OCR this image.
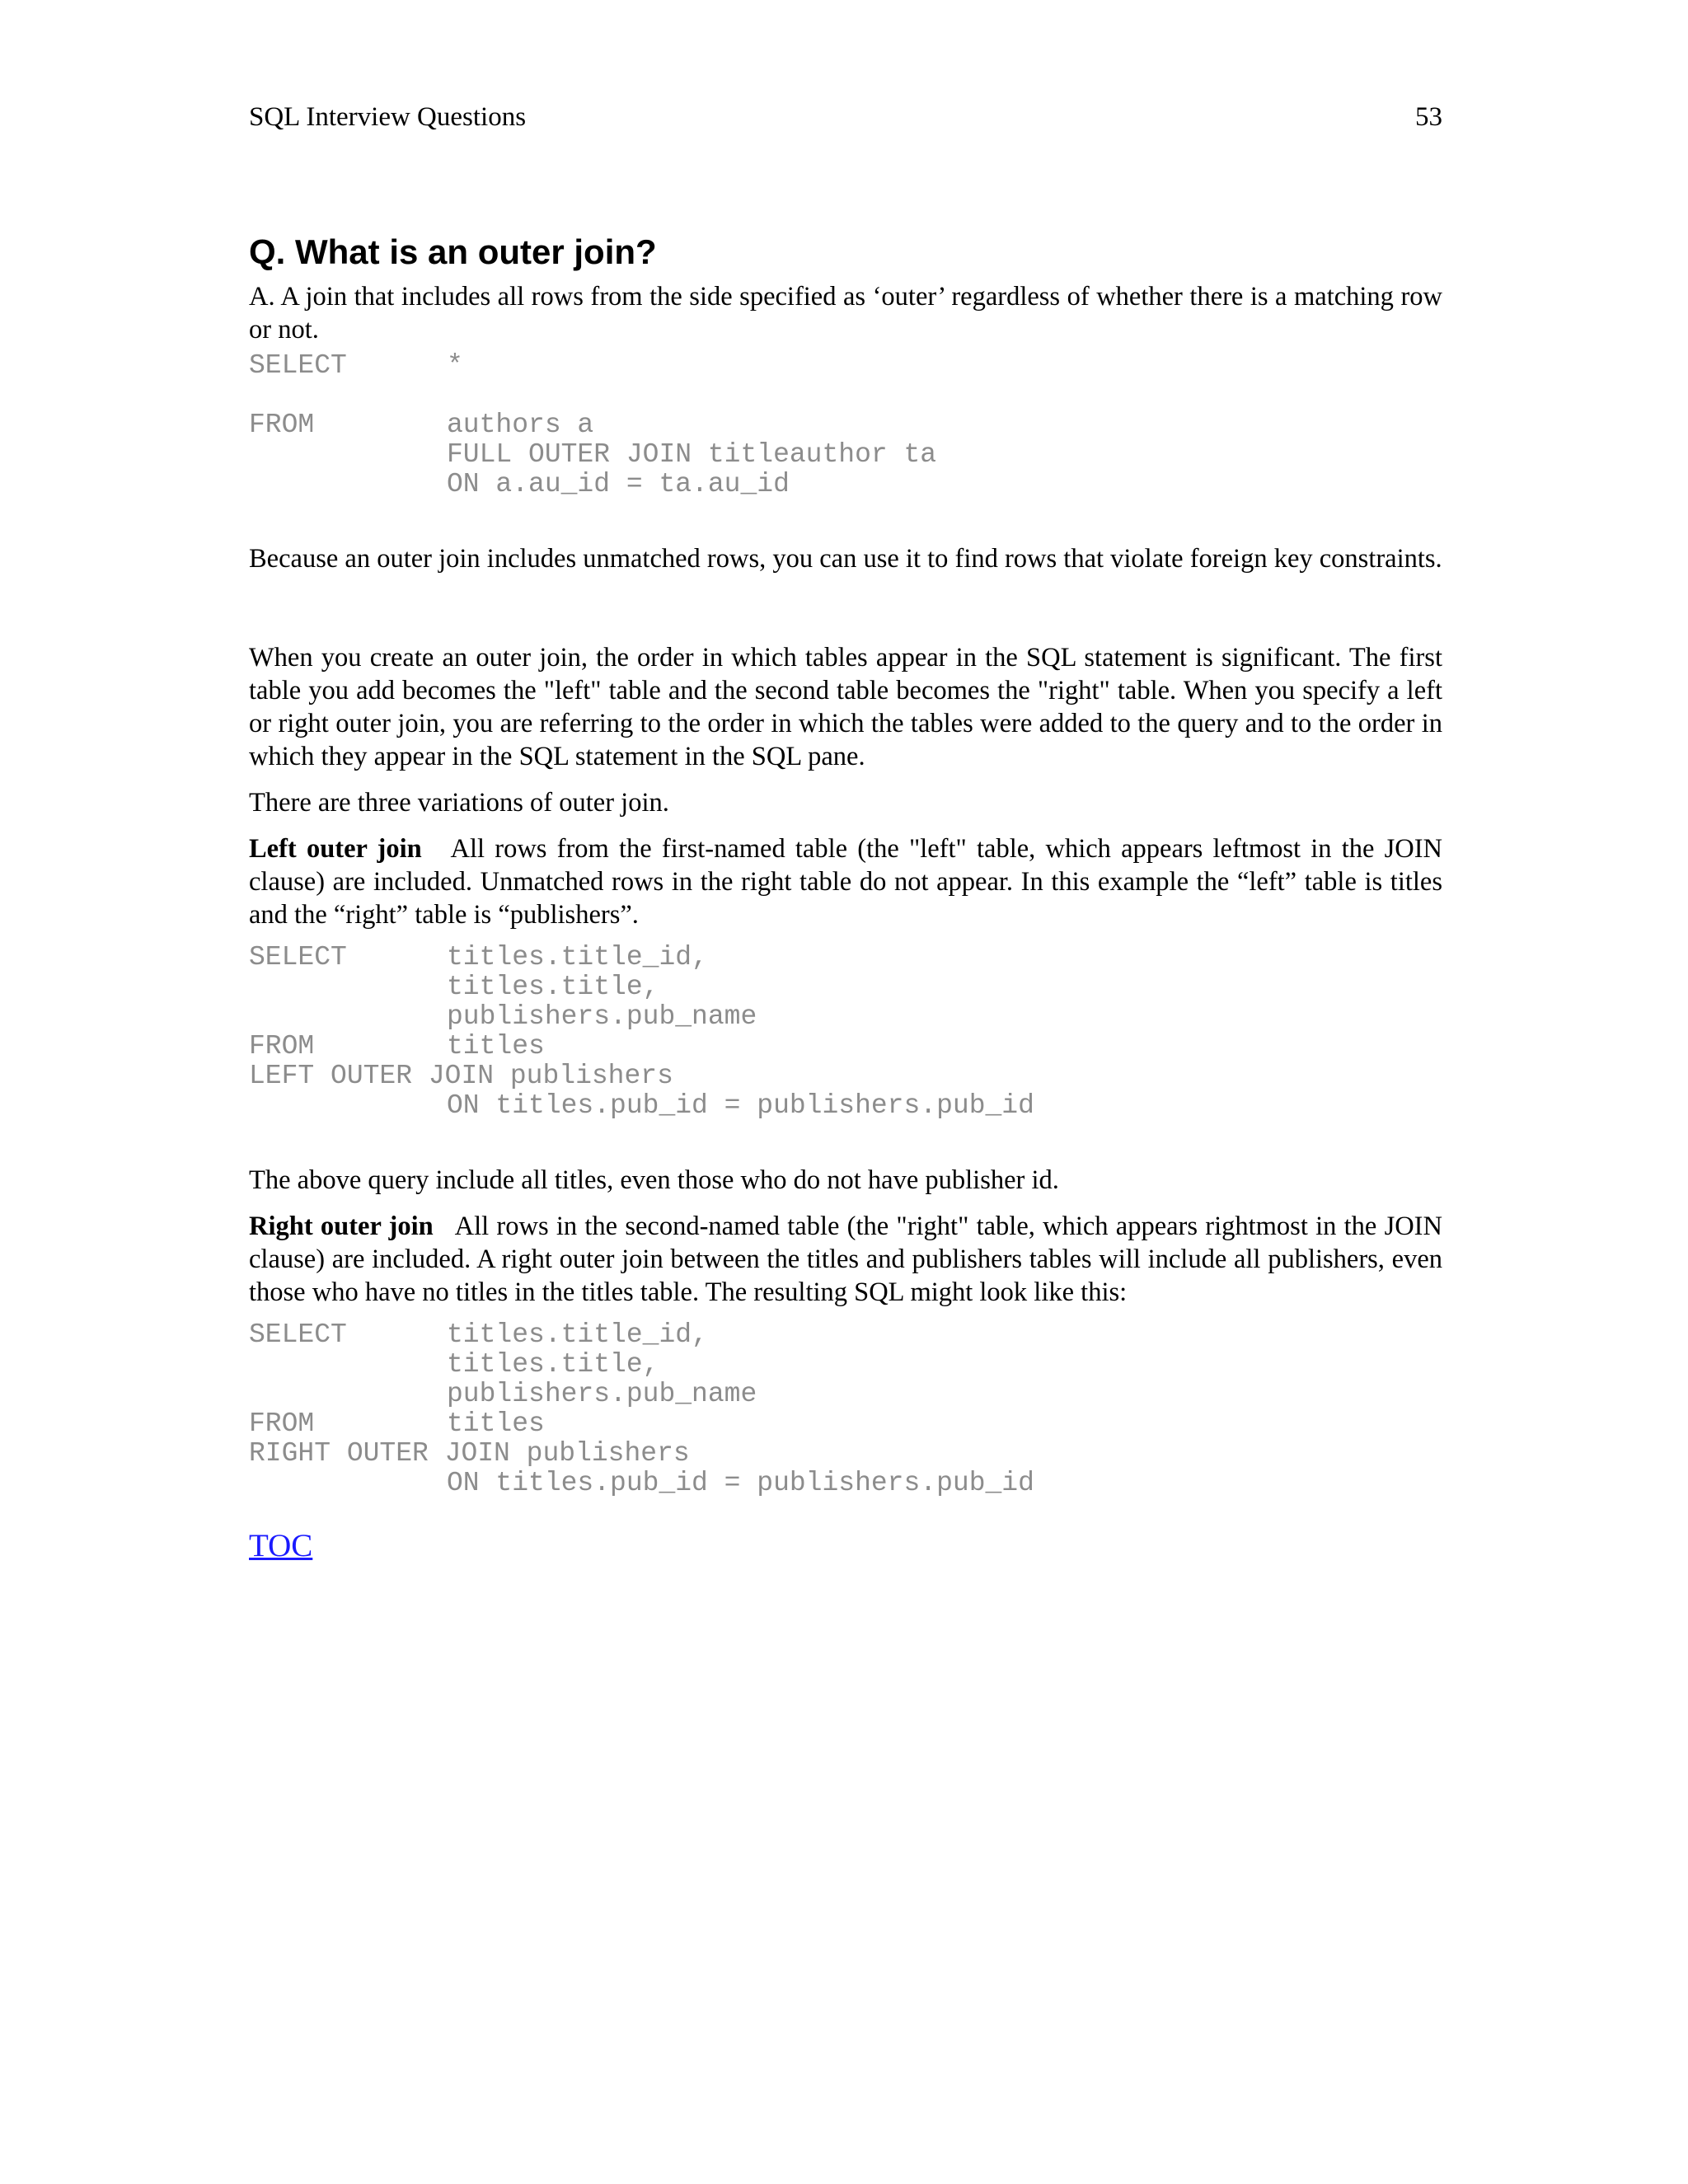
SQL Interview Questions	53
Q. What is an outer join?

A. A join that includes all rows from the side specified as ‘outer’ regardless of whether there is a matching row or not.

SELECT	*
FROM	authors a
FULL OUTER JOIN titleauthor ta
ON a.au_id = ta.au_id

Because an outer join includes unmatched rows, you can use it to find rows that violate foreign key constraints.

When you create an outer join, the order in which tables appear in the SQL statement is significant. The first table you add becomes the "left" table and the second table becomes the "right" table. When you specify a left or right outer join, you are referring to the order in which the tables were added to the query and to the order in which they appear in the SQL statement in the SQL pane.

There are three variations of outer join.

Left outer join All rows from the first-named table (the "left" table, which appears leftmost in the JOIN clause) are included. Unmatched rows in the right table do not appear. In this example the “left” table is titles and the “right” table is “publishers”.

SELECT	titles.title_id,
titles.title,
publishers.pub_name
FROM	titles
LEFT OUTER JOIN publishers
ON titles.pub_id = publishers.pub_id

The above query include all titles, even those who do not have publisher id.

Right outer join All rows in the second-named table (the "right" table, which appears rightmost in the JOIN clause) are included. A right outer join between the titles and publishers tables will include all publishers, even those who have no titles in the titles table. The resulting SQL might look like this:

SELECT	titles.title_id,
titles.title,
publishers.pub_name
FROM	titles
RIGHT OUTER JOIN publishers
ON titles.pub_id = publishers.pub_id
TOC
